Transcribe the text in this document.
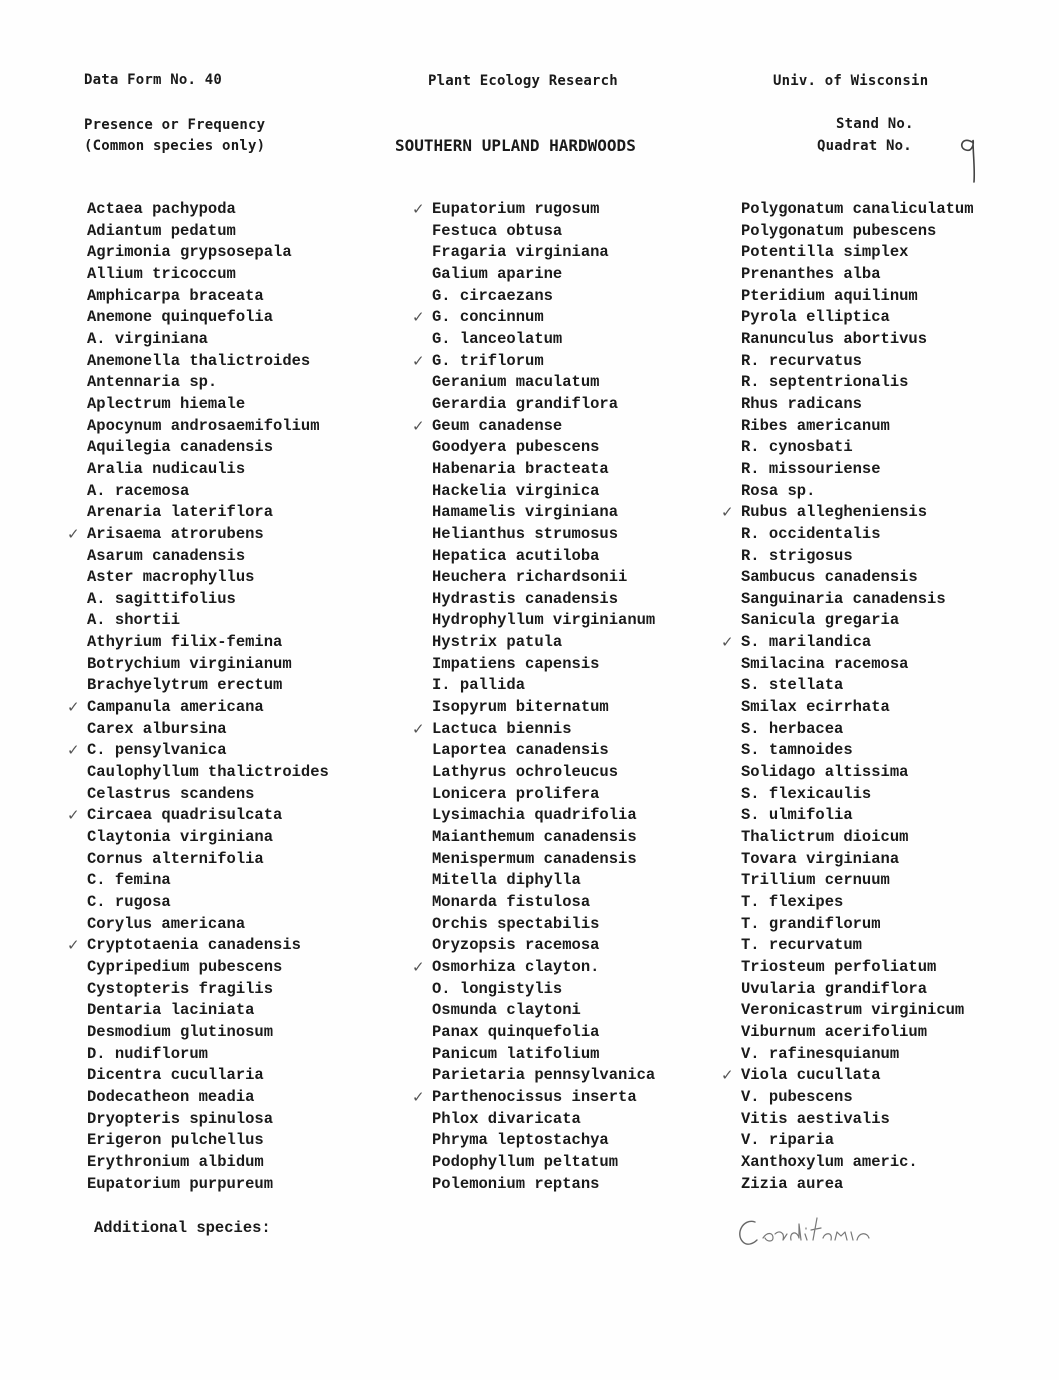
Data Form No. 40	Plant Ecology Research	Univ. of Wisconsin
Presence or Frequency
(Common species only)	SOUTHERN UPLAND HARDWOODS
Stand No.
Quadrat No.
Actaea pachypoda
Adiantum pedatum
Agrimonia grypsosepala
Allium tricoccum
Amphicarpa braceata
Anemone quinquefolia
A. virginiana
Anemonella thalictroides
Antennaria sp.
Aplectrum hiemale
Apocynum androsaemifolium
Aquilegia canadensis
Aralia nudicaulis
A. racemosa
Arenaria lateriflora
✓ Arisaema atrorubens
Asarum canadensis
Aster macrophyllus
A. sagittifolius
A. shortii
Athyrium filix-femina
Botrychium virginianum
Brachyelytrum erectum
✓ Campanula americana
Carex albursina
✓ C. pensylvanica
Caulophyllum thalictroides
Celastrus scandens
✓ Circaea quadrisulcata
Claytonia virginiana
Cornus alternifolia
C. femina
C. rugosa
Corylus americana
✓ Cryptotaenia canadensis
Cypripedium pubescens
Cystopteris fragilis
Dentaria laciniata
Desmodium glutinosum
D. nudiflorum
Dicentra cucullaria
Dodecatheon meadia
Dryopteris spinulosa
Erigeron pulchellus
Erythronium albidum
Eupatorium purpureum
✓ Eupatorium rugosum
Festuca obtusa
Fragaria virginiana
Galium aparine
G. circaezans
✓ G. concinnum
G. lanceolatum
✓ G. triflorum
Geranium maculatum
Gerardia grandiflora
✓ Geum canadense
Goodyera pubescens
Habenaria bracteata
Hackelia virginica
Hamamelis virginiana
Helianthus strumosus
Hepatica acutiloba
Heuchera richardsonii
Hydrastis canadensis
Hydrophyllum virginianum
Hystrix patula
Impatiens capensis
I. pallida
Isopyrum biternatum
✓ Lactuca biennis
Laportea canadensis
Lathyrus ochroleucus
Lonicera prolifera
Lysimachia quadrifolia
Maianthemum canadensis
Menispermum canadensis
Mitella diphylla
Monarda fistulosa
Orchis spectabilis
Oryzopsis racemosa
✓ Osmorhiza clayton.
O. longistylis
Osmunda claytoni
Panax quinquefolia
Panicum latifolium
Parietaria pennsylvanica
✓ Parthenocissus inserta
Phlox divaricata
Phryma leptostachya
Podophyllum peltatum
Polemonium reptans
Polygonatum canaliculatum
Polygonatum pubescens
Potentilla simplex
Prenanthes alba
Pteridium aquilinum
Pyrola elliptica
Ranunculus abortivus
R. recurvatus
R. septentrionalis
Rhus radicans
Ribes americanum
R. cynosbati
R. missouriense
Rosa sp.
✓ Rubus allegheniensis
R. occidentalis
R. strigosus
Sambucus canadensis
Sanguinaria canadensis
Sanicula gregaria
✓ S. marilandica
Smilacina racemosa
S. stellata
Smilax ecirrhata
S. herbacea
S. tamnoides
Solidago altissima
S. flexicaulis
S. ulmifolia
Thalictrum dioicum
Tovara virginiana
Trillium cernuum
T. flexipes
T. grandiflorum
T. recurvatum
Triosteum perfoliatum
Uvularia grandiflora
Veronicastrum virginicum
Viburnum acerifolium
V. rafinesquianum
✓ Viola cucullata
V. pubescens
Vitis aestivalis
V. riparia
Xanthoxylum americ.
Zizia aurea
Additional species:
